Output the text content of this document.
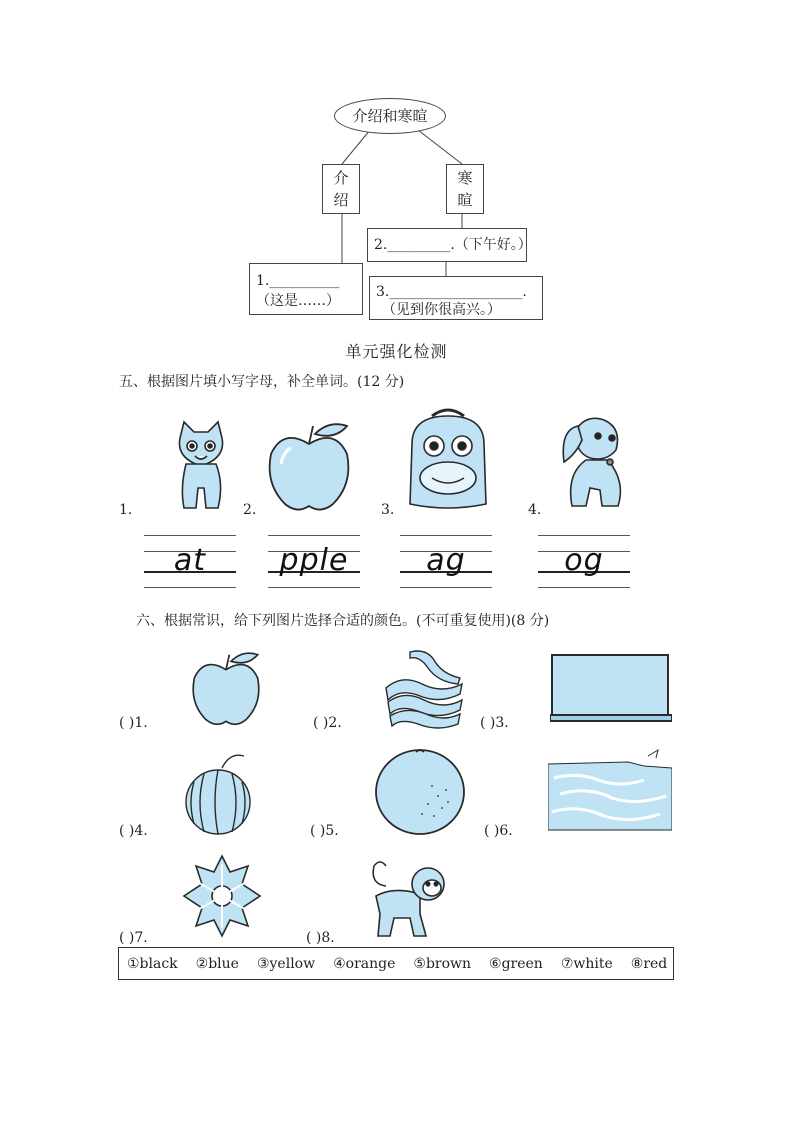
介绍和寒暄
介
绍
寒
暄
1.__________
（这是……）
2._________.（下午好。）
3.___________________.
（见到你很高兴。）
单元强化检测
五、根据图片填小写字母，补全单词。(12 分)
1.	2.	3.	4.
at	pple	ag	og
六、根据常识，给下列图片选择合适的颜色。(不可重复使用)(8 分)
( )1.	( )2.	( )3.
( )4.	( )5.	( )6.
( )7.	( )8.
①black ②blue ③yellow ④orange ⑤brown ⑥green ⑦white ⑧red
